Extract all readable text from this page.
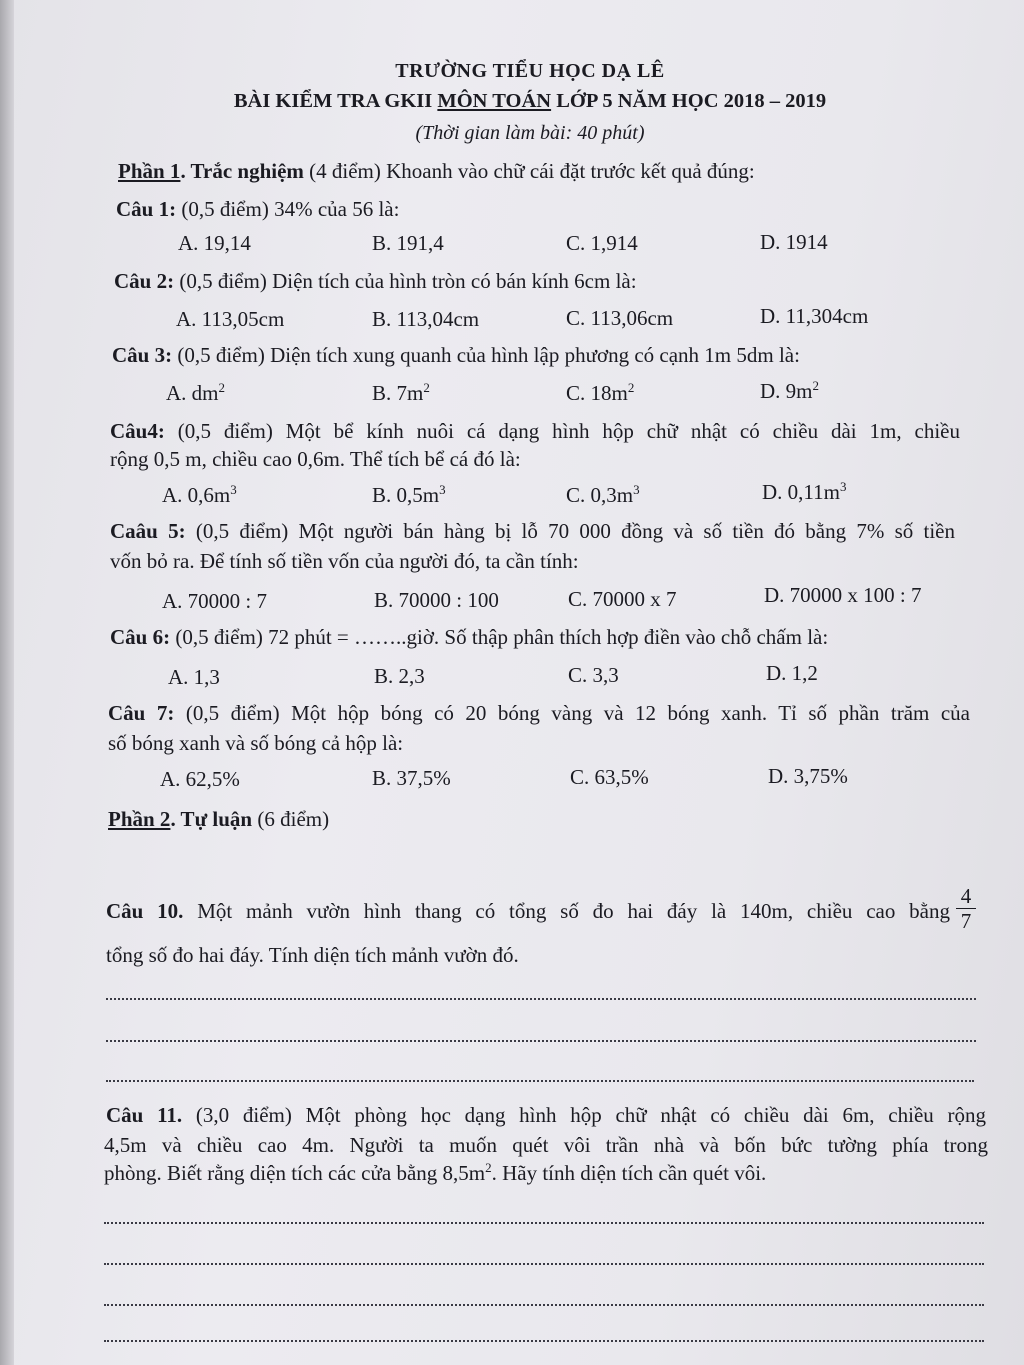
TRƯỜNG TIỂU HỌC DẠ LÊ
BÀI KIỂM TRA GKII MÔN TOÁN LỚP 5 NĂM HỌC 2018 – 2019
(Thời gian làm bài: 40 phút)
Phần 1. Trắc nghiệm (4 điểm) Khoanh vào chữ cái đặt trước kết quả đúng:
Câu 1: (0,5 điểm) 34% của 56 là:
A. 19,14	B. 191,4	C. 1,914	D. 1914
Câu 2: (0,5 điểm) Diện tích của hình tròn có bán kính 6cm là:
A. 113,05cm	B. 113,04cm	C. 113,06cm	D. 11,304cm
Câu 3: (0,5 điểm) Diện tích xung quanh của hình lập phương có cạnh 1m 5dm là:
A. $dm^2$	B. $7m^2$	C. $18m^2$	D. $9m^2$
Câu4: (0,5 điểm) Một bể kính nuôi cá dạng hình hộp chữ nhật có chiều dài 1m, chiều
rộng 0,5 m, chiều cao 0,6m. Thể tích bể cá đó là:
A. $0,6m^3$	B. $0,5m^3$	C. $0,3m^3$	D. $0,11m^3$
Caâu 5: (0,5 điểm) Một người bán hàng bị lỗ 70 000 đồng và số tiền đó bằng 7% số tiền
vốn bỏ ra. Để tính số tiền vốn của người đó, ta cần tính:
A. 70000 : 7	B. 70000 : 100	C. 70000 x 7	D. 70000 x 100 : 7
Câu 6: (0,5 điểm) 72 phút = ……..giờ. Số thập phân thích hợp điền vào chỗ chấm là:
A. 1,3	B. 2,3	C. 3,3	D. 1,2
Câu 7: (0,5 điểm) Một hộp bóng có 20 bóng vàng và 12 bóng xanh. Tỉ số phần trăm của
số bóng xanh và số bóng cả hộp là:
A. 62,5%	B. 37,5%	C. 63,5%	D. 3,75%
Phần 2. Tự luận (6 điểm)
Câu 10. Một mảnh vườn hình thang có tổng số đo hai đáy là 140m, chiều cao bằng $\frac{4}{7}$
tổng số đo hai đáy. Tính diện tích mảnh vườn đó.
Câu 11. (3,0 điểm) Một phòng học dạng hình hộp chữ nhật có chiều dài 6m, chiều rộng
4,5m và chiều cao 4m. Người ta muốn quét vôi trần nhà và bốn bức tường phía trong
phòng. Biết rằng diện tích các cửa bằng $8,5m^2$. Hãy tính diện tích cần quét vôi.
